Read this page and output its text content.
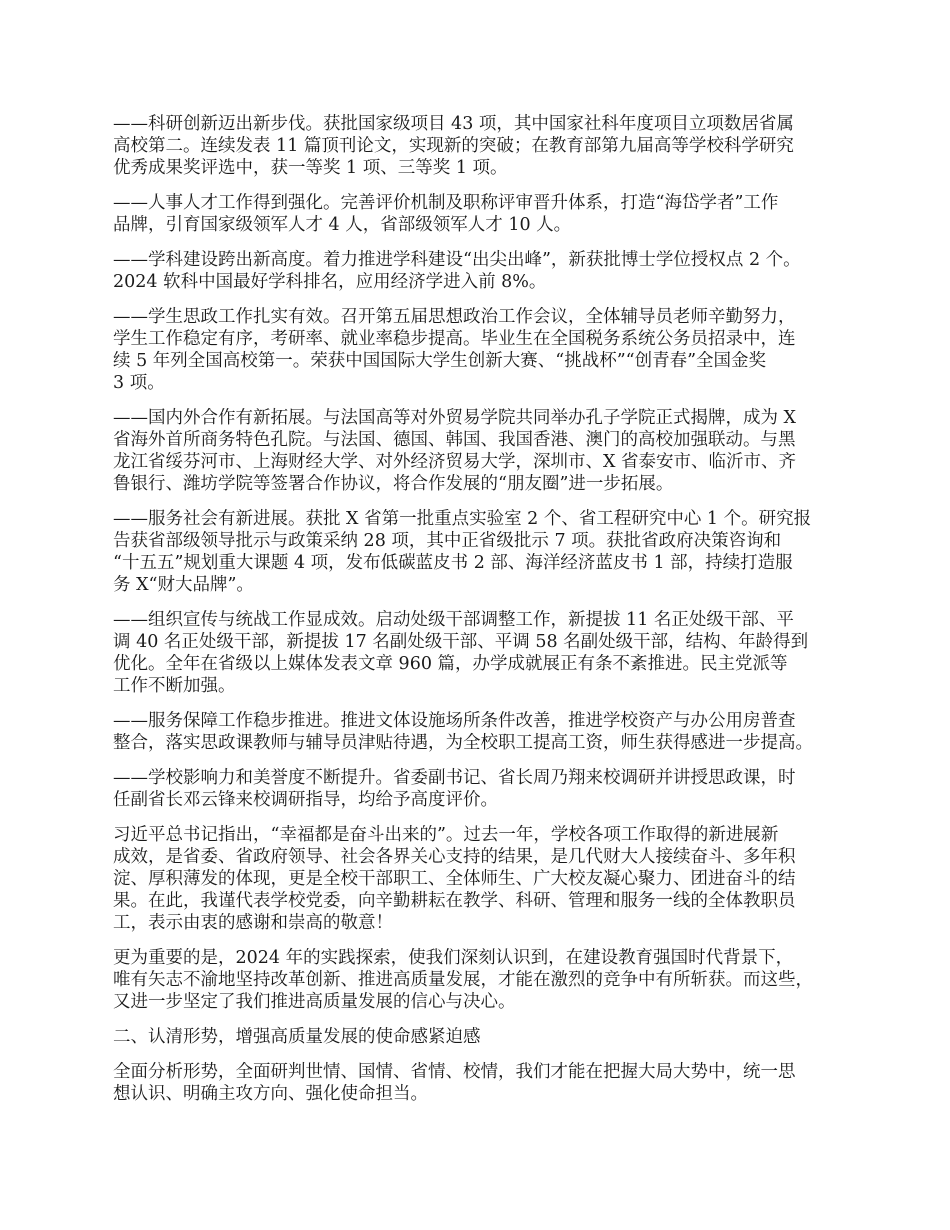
——科研创新迈出新步伐。获批国家级项目 43 项，其中国家社科年度项目立项数居省属
高校第二。连续发表 11 篇顶刊论文，实现新的突破；在教育部第九届高等学校科学研究
优秀成果奖评选中，获一等奖 1 项、三等奖 1 项。

——人事人才工作得到强化。完善评价机制及职称评审晋升体系，打造“海岱学者”工作
品牌，引育国家级领军人才 4 人，省部级领军人才 10 人。

——学科建设跨出新高度。着力推进学科建设“出尖出峰”，新获批博士学位授权点 2 个。
2024 软科中国最好学科排名，应用经济学进入前 8%。

——学生思政工作扎实有效。召开第五届思想政治工作会议，全体辅导员老师辛勤努力，
学生工作稳定有序，考研率、就业率稳步提高。毕业生在全国税务系统公务员招录中，连
续 5 年列全国高校第一。荣获中国国际大学生创新大赛、“挑战杯”“创青春”全国金奖
3 项。

——国内外合作有新拓展。与法国高等对外贸易学院共同举办孔子学院正式揭牌，成为 X
省海外首所商务特色孔院。与法国、德国、韩国、我国香港、澳门的高校加强联动。与黑
龙江省绥芬河市、上海财经大学、对外经济贸易大学，深圳市、X 省泰安市、临沂市、齐
鲁银行、潍坊学院等签署合作协议，将合作发展的“朋友圈”进一步拓展。

——服务社会有新进展。获批 X 省第一批重点实验室 2 个、省工程研究中心 1 个。研究报
告获省部级领导批示与政策采纳 28 项，其中正省级批示 7 项。获批省政府决策咨询和
“十五五”规划重大课题 4 项，发布低碳蓝皮书 2 部、海洋经济蓝皮书 1 部，持续打造服
务 X“财大品牌”。

——组织宣传与统战工作显成效。启动处级干部调整工作，新提拔 11 名正处级干部、平
调 40 名正处级干部，新提拔 17 名副处级干部、平调 58 名副处级干部，结构、年龄得到
优化。全年在省级以上媒体发表文章 960 篇，办学成就展正有条不紊推进。民主党派等
工作不断加强。

——服务保障工作稳步推进。推进文体设施场所条件改善，推进学校资产与办公用房普查
整合，落实思政课教师与辅导员津贴待遇，为全校职工提高工资，师生获得感进一步提高。

——学校影响力和美誉度不断提升。省委副书记、省长周乃翔来校调研并讲授思政课，时
任副省长邓云锋来校调研指导，均给予高度评价。

习近平总书记指出，“幸福都是奋斗出来的”。过去一年，学校各项工作取得的新进展新
成效，是省委、省政府领导、社会各界关心支持的结果，是几代财大人接续奋斗、多年积
淀、厚积薄发的体现，更是全校干部职工、全体师生、广大校友凝心聚力、团进奋斗的结
果。在此，我谨代表学校党委，向辛勤耕耘在教学、科研、管理和服务一线的全体教职员
工，表示由衷的感谢和崇高的敬意！

更为重要的是，2024 年的实践探索，使我们深刻认识到，在建设教育强国时代背景下，
唯有矢志不渝地坚持改革创新、推进高质量发展，才能在激烈的竞争中有所斩获。而这些，
又进一步坚定了我们推进高质量发展的信心与决心。

二、认清形势，增强高质量发展的使命感紧迫感

全面分析形势，全面研判世情、国情、省情、校情，我们才能在把握大局大势中，统一思
想认识、明确主攻方向、强化使命担当。
